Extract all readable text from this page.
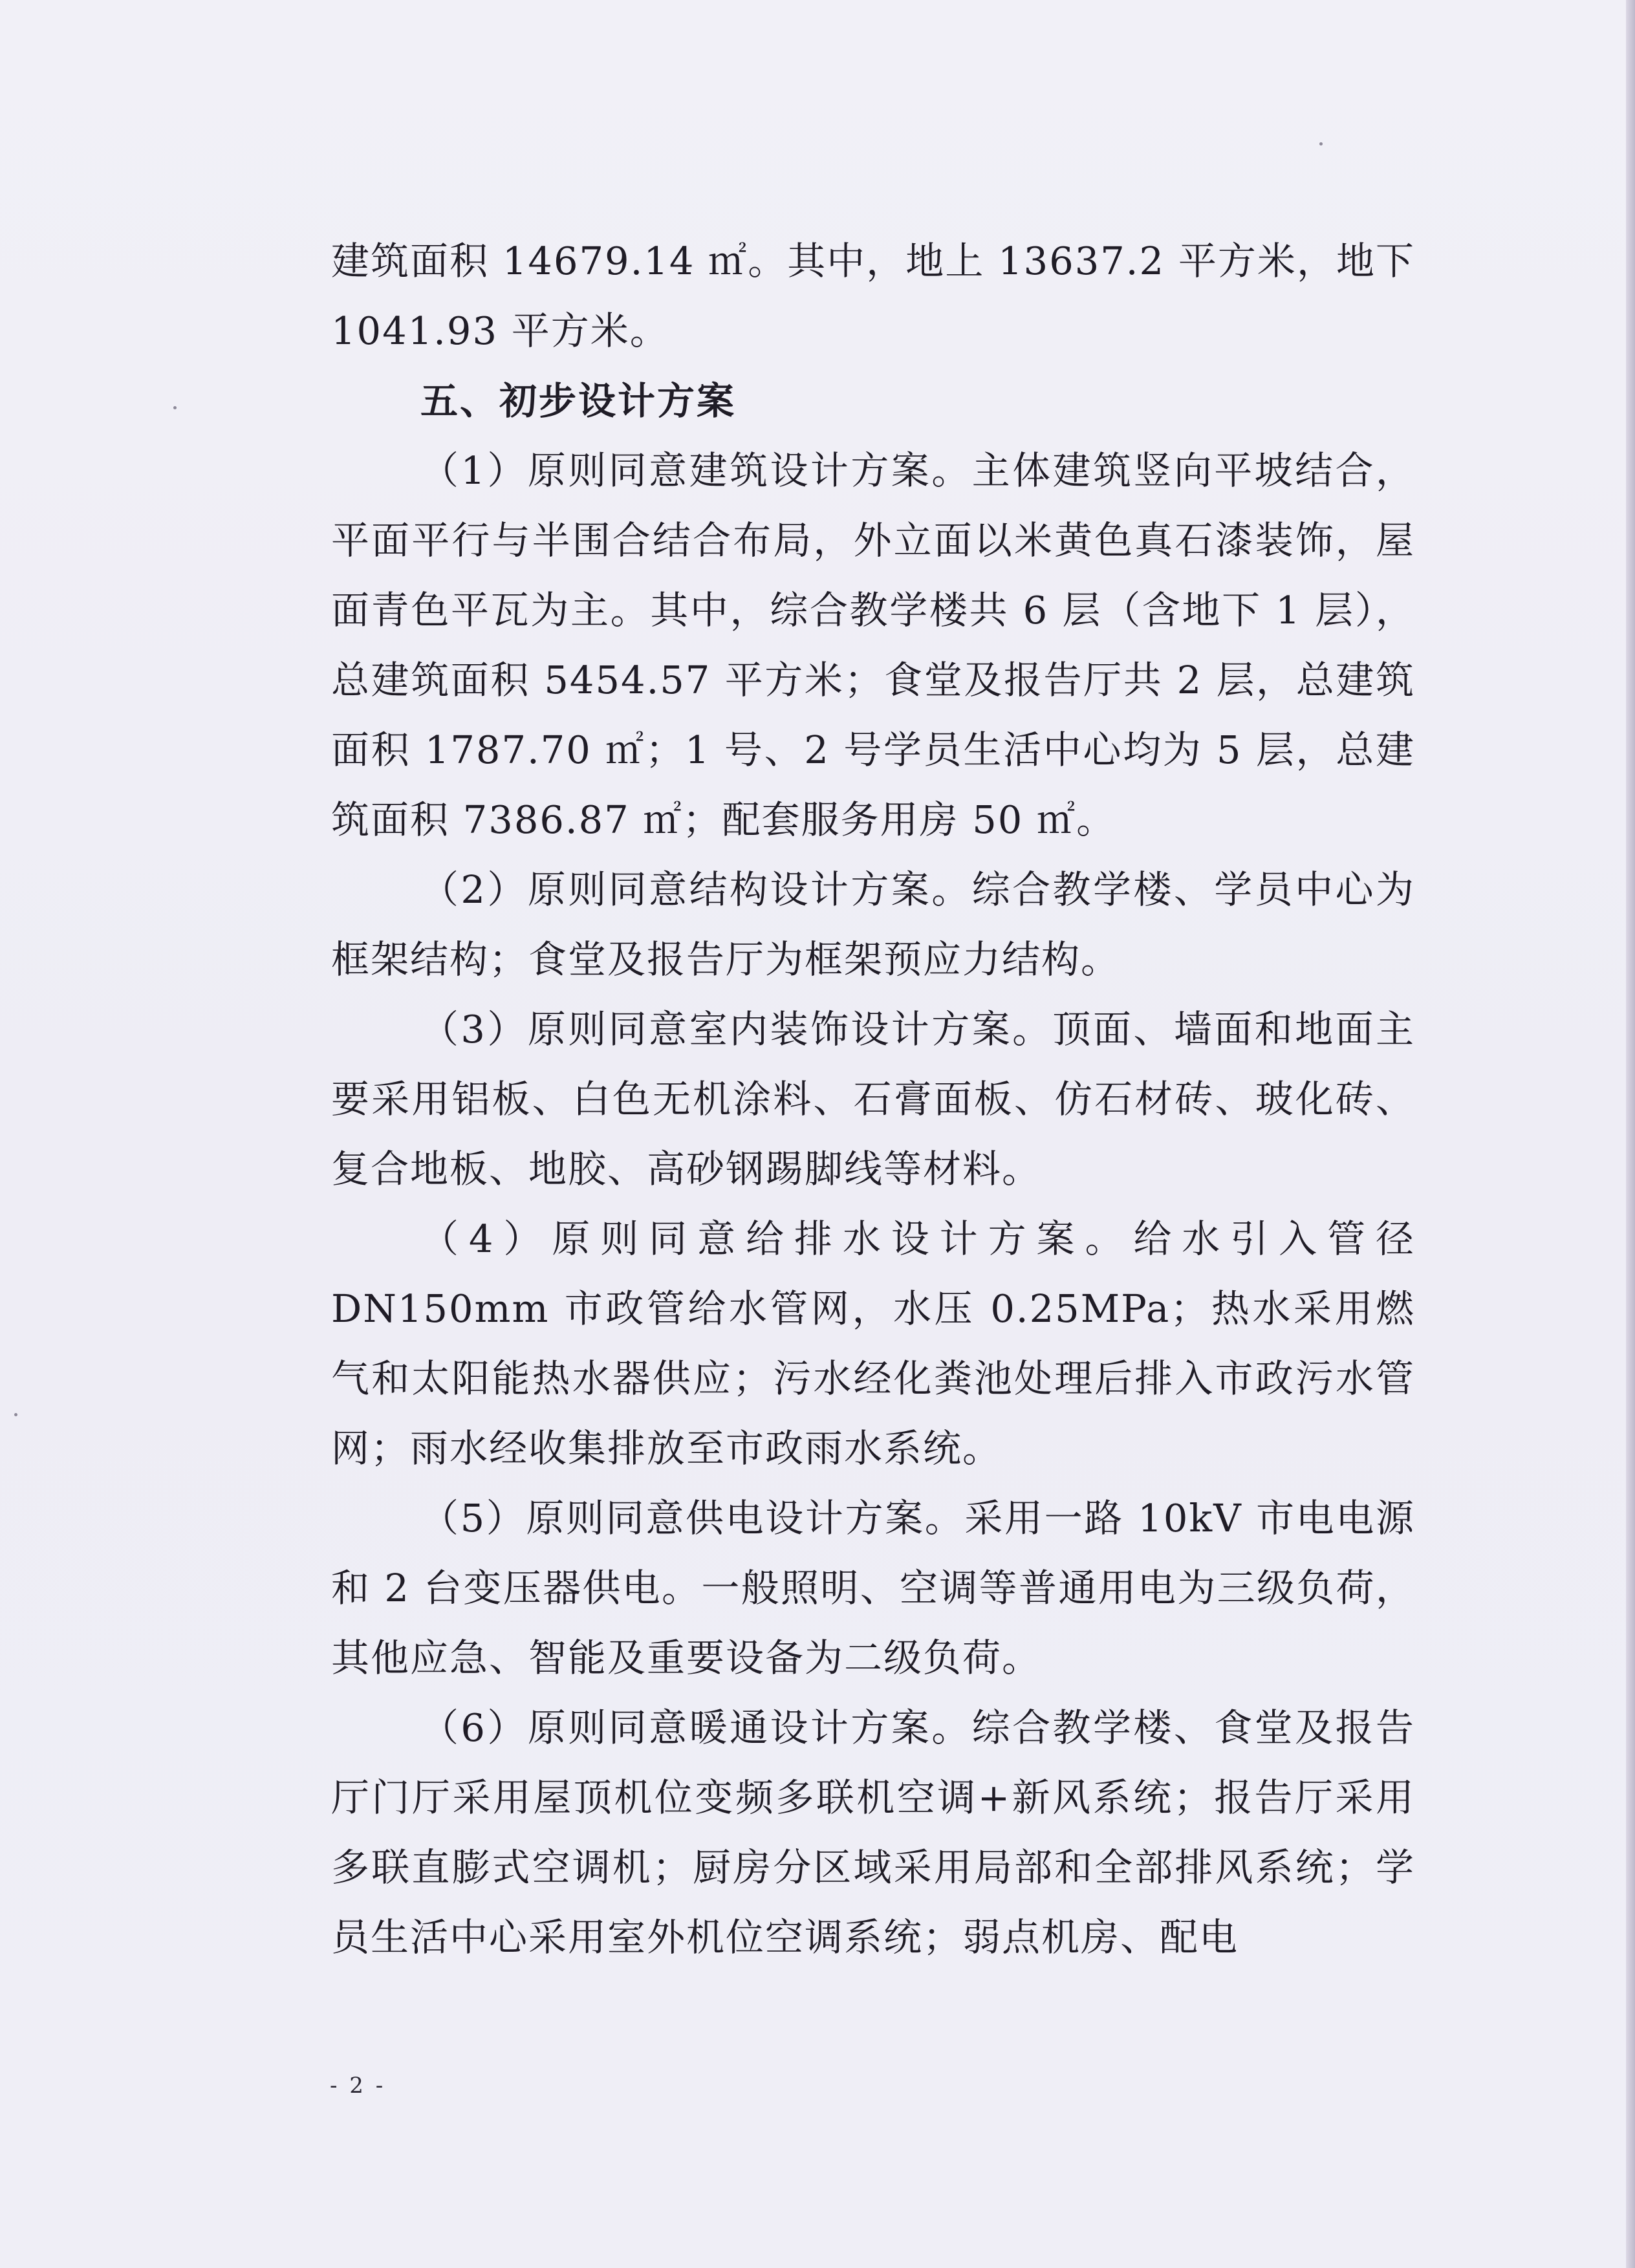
建筑面积 14679.14 ㎡。其中，地上 13637.2 平方米，地下 1041.93 平方米。

五、初步设计方案

（1）原则同意建筑设计方案。主体建筑竖向平坡结合，平面平行与半围合结合布局，外立面以米黄色真石漆装饰，屋面青色平瓦为主。其中，综合教学楼共 6 层（含地下 1 层），总建筑面积 5454.57 平方米；食堂及报告厅共 2 层，总建筑面积 1787.70 ㎡；1 号、2 号学员生活中心均为 5 层，总建筑面积 7386.87 ㎡；配套服务用房 50 ㎡。

（2）原则同意结构设计方案。综合教学楼、学员中心为框架结构；食堂及报告厅为框架预应力结构。

（3）原则同意室内装饰设计方案。顶面、墙面和地面主要采用铝板、白色无机涂料、石膏面板、仿石材砖、玻化砖、复合地板、地胶、高砂钢踢脚线等材料。

（4）原则同意给排水设计方案。给水引入管径 DN150mm 市政管给水管网，水压 0.25MPa；热水采用燃气和太阳能热水器供应；污水经化粪池处理后排入市政污水管网；雨水经收集排放至市政雨水系统。

（5）原则同意供电设计方案。采用一路 10kV 市电电源和 2 台变压器供电。一般照明、空调等普通用电为三级负荷，其他应急、智能及重要设备为二级负荷。

（6）原则同意暖通设计方案。综合教学楼、食堂及报告厅门厅采用屋顶机位变频多联机空调+新风系统；报告厅采用多联直膨式空调机；厨房分区域采用局部和全部排风系统；学员生活中心采用室外机位空调系统；弱点机房、配电

- 2 -
